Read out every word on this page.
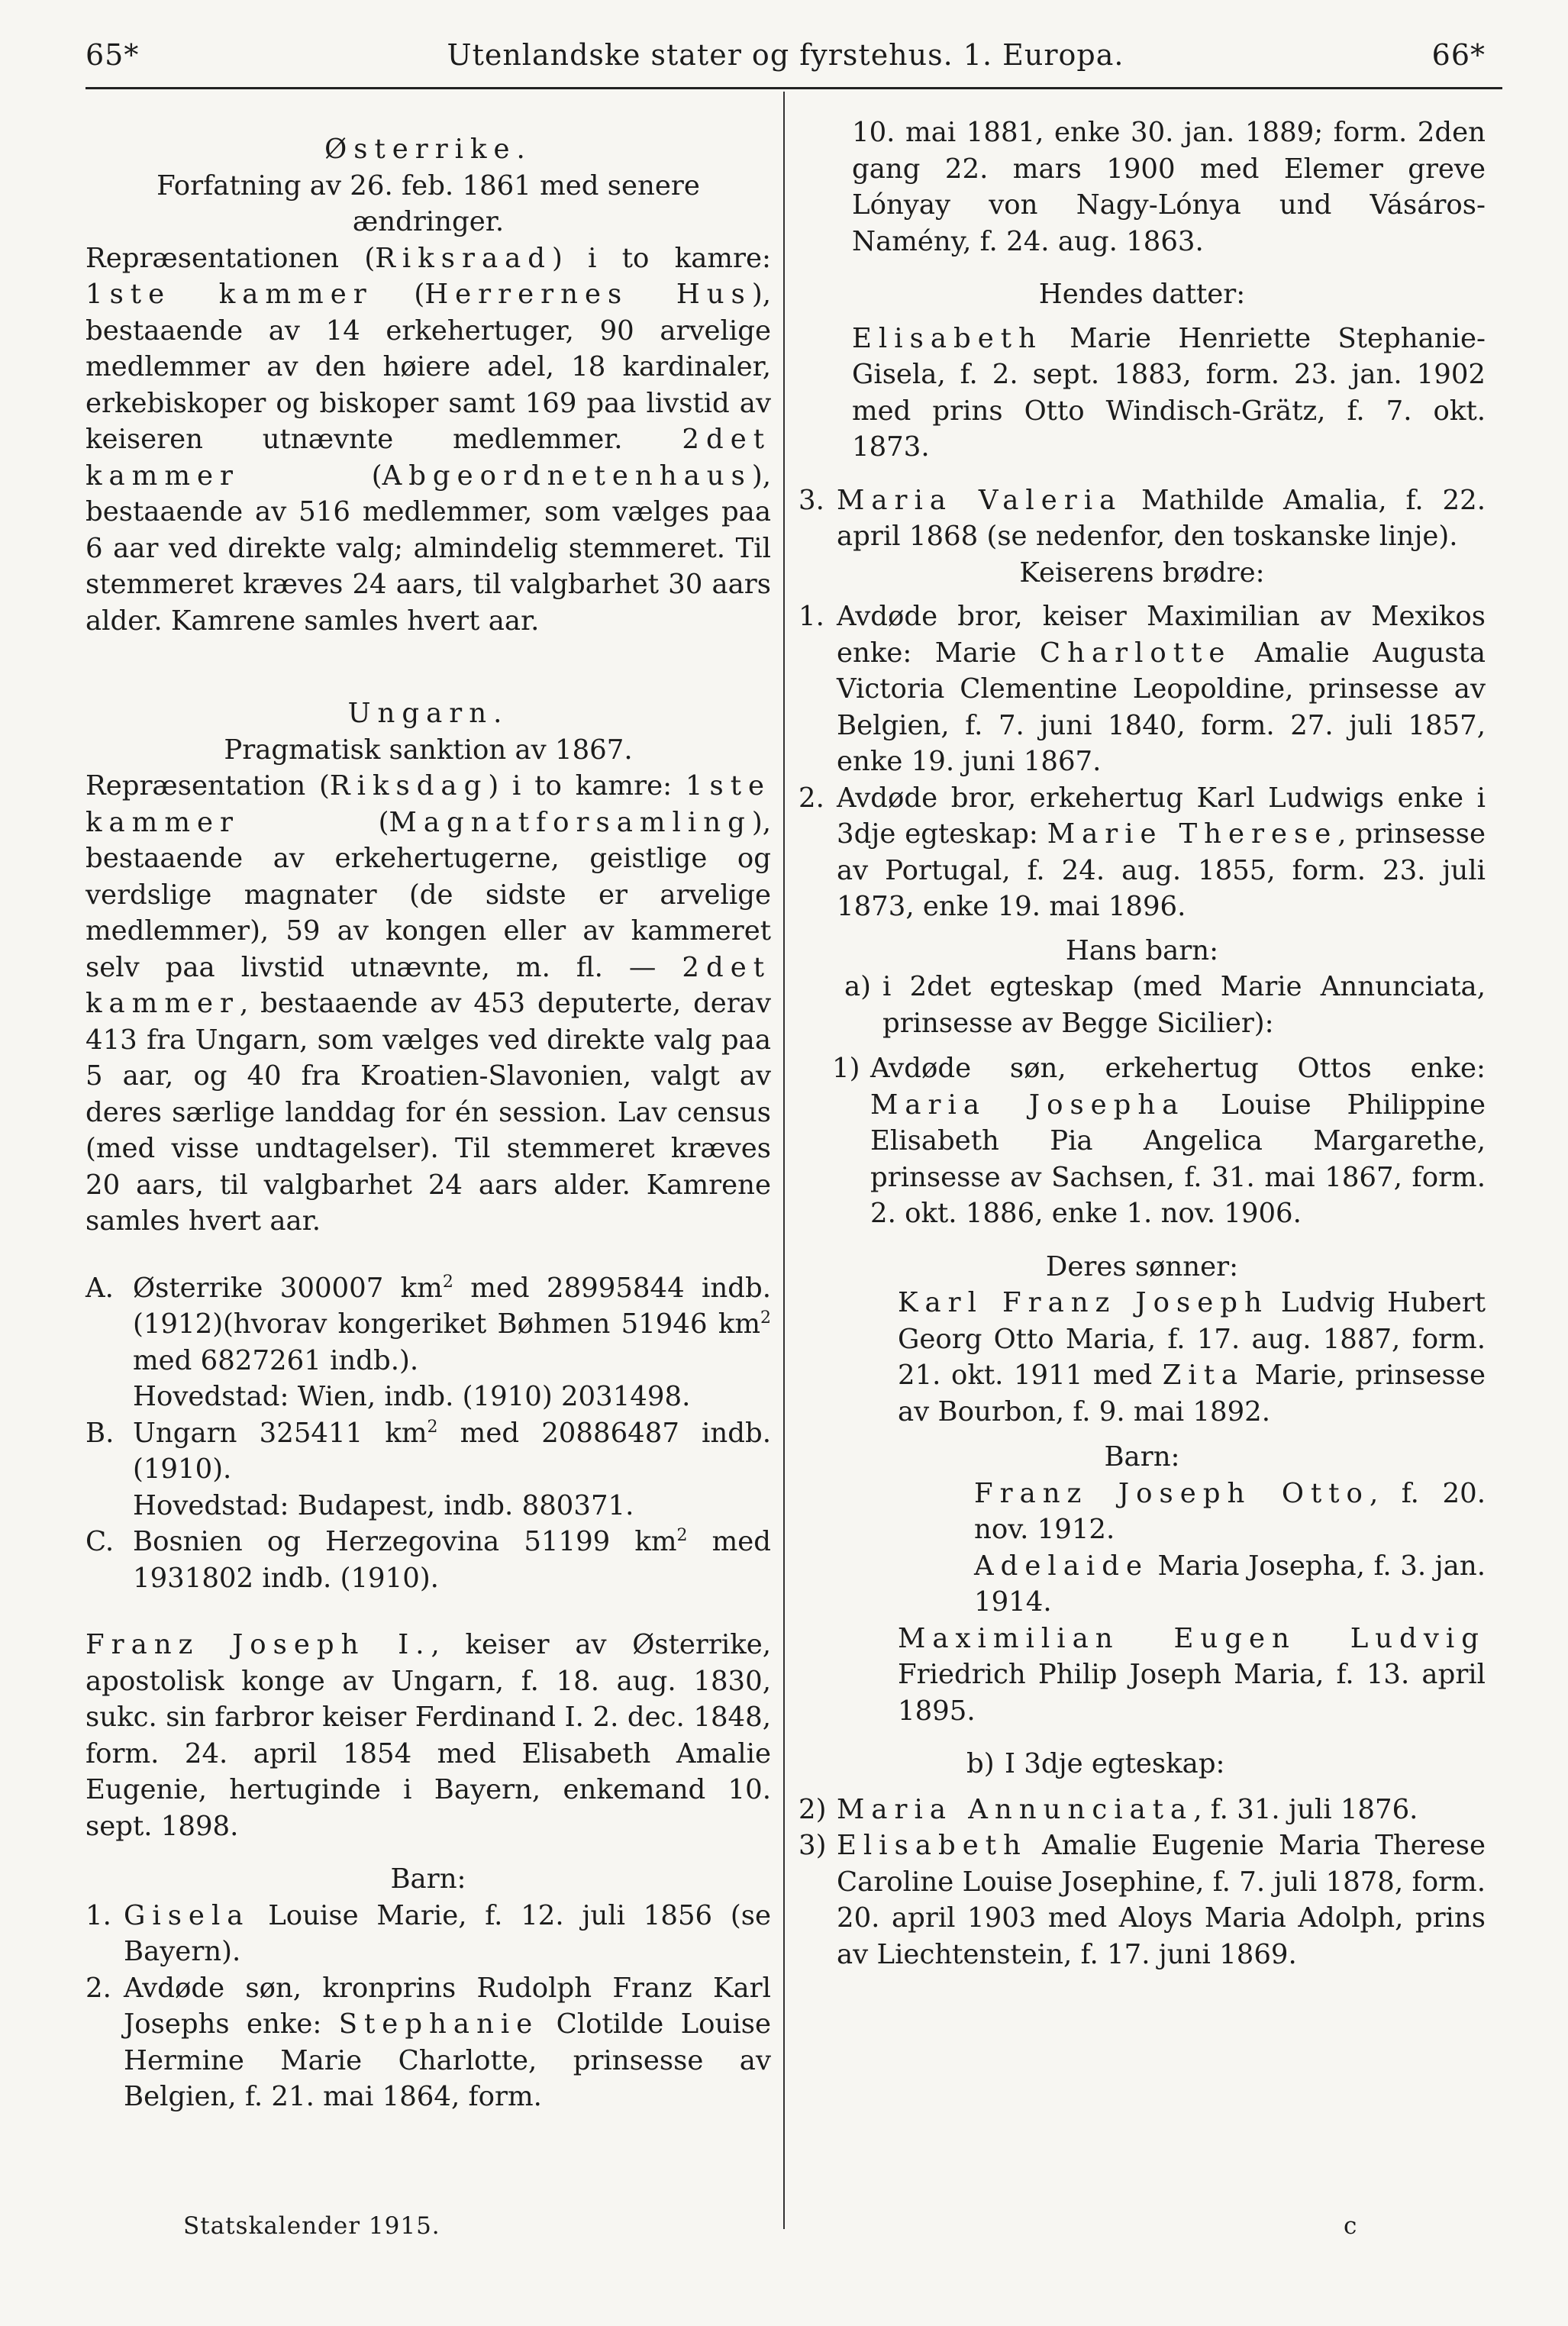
65*	Utenlandske stater og fyrstehus. 1. Europa.	66*

Østerrike.

Forfatning av 26. feb. 1861 med senere ændringer.

Repræsentationen (Riksraad) i to kamre: 1ste kammer (Herrernes Hus), bestaaende av 14 erkehertuger, 90 arvelige medlemmer av den høiere adel, 18 kardinaler, erkebiskoper og biskoper samt 169 paa livstid av keiseren utnævnte medlemmer. 2det kammer (Abgeordnetenhaus), bestaaende av 516 medlemmer, som vælges paa 6 aar ved direkte valg; almindelig stemmeret. Til stemmeret kræves 24 aars, til valgbarhet 30 aars alder. Kamrene samles hvert aar.

Ungarn.

Pragmatisk sanktion av 1867.

Repræsentation (Riksdag) i to kamre: 1ste kammer (Magnatforsamling), bestaaende av erkehertugerne, geistlige og verdslige magnater (de sidste er arvelige medlemmer), 59 av kongen eller av kammeret selv paa livstid utnævnte, m. fl. — 2det kammer, bestaaende av 453 deputerte, derav 413 fra Ungarn, som vælges ved direkte valg paa 5 aar, og 40 fra Kroatien-Slavonien, valgt av deres særlige landdag for én session. Lav census (med visse undtagelser). Til stemmeret kræves 20 aars, til valgbarhet 24 aars alder. Kamrene samles hvert aar.

A. Østerrike 300007 $km^2$ med 28995844 indb. (1912)(hvorav kongeriket Bøhmen 51946 $km^2$ med 6827261 indb.).
Hovedstad: Wien, indb. (1910) 2031498.
B. Ungarn 325411 $km^2$ med 20886487 indb. (1910).
Hovedstad: Budapest, indb. 880371.
C. Bosnien og Herzegovina 51199 $km^2$ med 1931802 indb. (1910).

Franz Joseph I., keiser av Østerrike, apostolisk konge av Ungarn, f. 18. aug. 1830, sukc. sin farbror keiser Ferdinand I. 2. dec. 1848, form. 24. april 1854 med Elisabeth Amalie Eugenie, hertuginde i Bayern, enkemand 10. sept. 1898.

Barn:

1. Gisela Louise Marie, f. 12. juli 1856 (se Bayern).
2. Avdøde søn, kronprins Rudolph Franz Karl Josephs enke: Stephanie Clotilde Louise Hermine Marie Charlotte, prinsesse av Belgien, f. 21. mai 1864, form.

10. mai 1881, enke 30. jan. 1889; form. 2den gang 22. mars 1900 med Elemer greve Lónyay von Nagy-Lónya und Vásáros-Namény, f. 24. aug. 1863.

Hendes datter:

Elisabeth Marie Henriette Stephanie-Gisela, f. 2. sept. 1883, form. 23. jan. 1902 med prins Otto Windisch-Grätz, f. 7. okt. 1873.

3. Maria Valeria Mathilde Amalia, f. 22. april 1868 (se nedenfor, den toskanske linje).

Keiserens brødre:

1. Avdøde bror, keiser Maximilian av Mexikos enke: Marie Charlotte Amalie Augusta Victoria Clementine Leopoldine, prinsesse av Belgien, f. 7. juni 1840, form. 27. juli 1857, enke 19. juni 1867.
2. Avdøde bror, erkehertug Karl Ludwigs enke i 3dje egteskap: Marie Therese, prinsesse av Portugal, f. 24. aug. 1855, form. 23. juli 1873, enke 19. mai 1896.

Hans barn:

a) i 2det egteskap (med Marie Annunciata, prinsesse av Begge Sicilier):
1) Avdøde søn, erkehertug Ottos enke: Maria Josepha Louise Philippine Elisabeth Pia Angelica Margarethe, prinsesse av Sachsen, f. 31. mai 1867, form. 2. okt. 1886, enke 1. nov. 1906.

Deres sønner:

Karl Franz Joseph Ludvig Hubert Georg Otto Maria, f. 17. aug. 1887, form. 21. okt. 1911 med Zita Marie, prinsesse av Bourbon, f. 9. mai 1892.

Barn:

Franz Joseph Otto, f. 20. nov. 1912.

Adelaide Maria Josepha, f. 3. jan. 1914.

Maximilian Eugen Ludvig Friedrich Philip Joseph Maria, f. 13. april 1895.

b) I 3dje egteskap:
2) Maria Annunciata, f. 31. juli 1876.
3) Elisabeth Amalie Eugenie Maria Therese Caroline Louise Josephine, f. 7. juli 1878, form. 20. april 1903 med Aloys Maria Adolph, prins av Liechtenstein, f. 17. juni 1869.
Statskalender 1915.	c
